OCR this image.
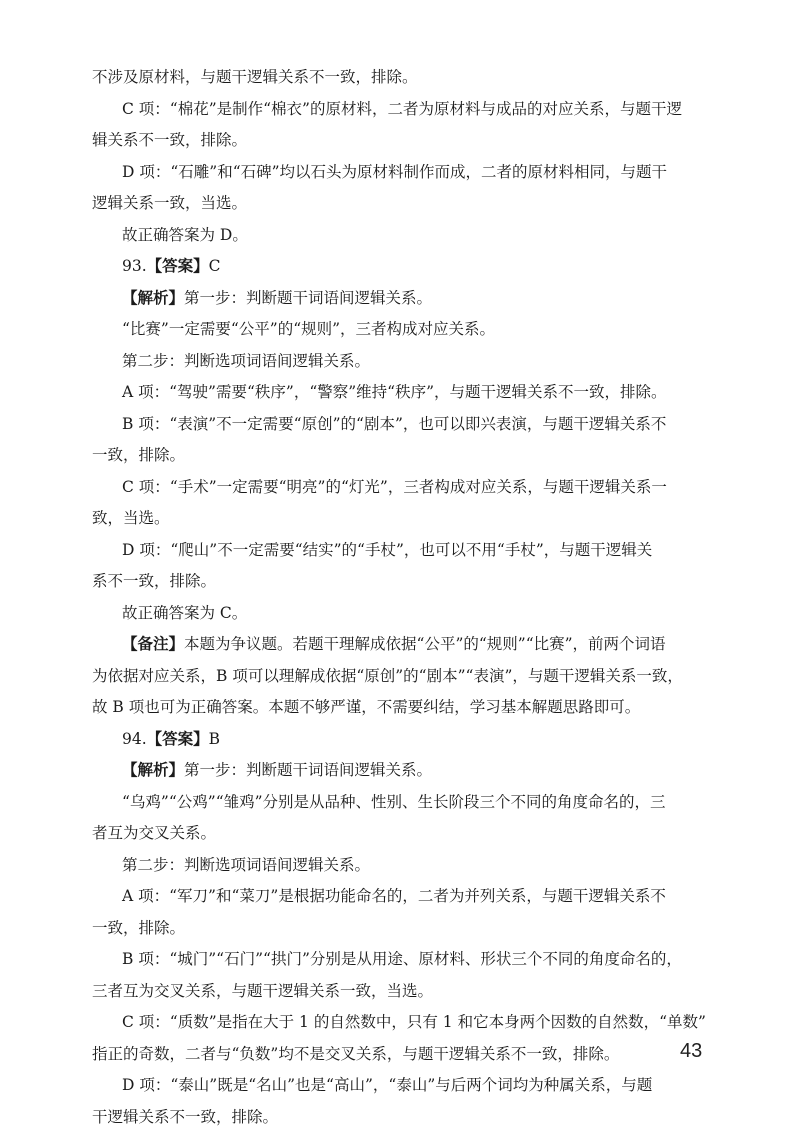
不涉及原材料，与题干逻辑关系不一致，排除。
C 项：“棉花”是制作“棉衣”的原材料，二者为原材料与成品的对应关系，与题干逻
辑关系不一致，排除。
D 项：“石雕”和“石碑”均以石头为原材料制作而成，二者的原材料相同，与题干
逻辑关系一致，当选。
故正确答案为 D。
93.【答案】C
【解析】第一步：判断题干词语间逻辑关系。
“比赛”一定需要“公平”的“规则”，三者构成对应关系。
第二步：判断选项词语间逻辑关系。
A 项：“驾驶”需要“秩序”，“警察”维持“秩序”，与题干逻辑关系不一致，排除。
B 项：“表演”不一定需要“原创”的“剧本”，也可以即兴表演，与题干逻辑关系不
一致，排除。
C 项：“手术”一定需要“明亮”的“灯光”，三者构成对应关系，与题干逻辑关系一
致，当选。
D 项：“爬山”不一定需要“结实”的“手杖”，也可以不用“手杖”，与题干逻辑关
系不一致，排除。
故正确答案为 C。
【备注】本题为争议题。若题干理解成依据“公平”的“规则”“比赛”，前两个词语
为依据对应关系，B 项可以理解成依据“原创”的“剧本”“表演”，与题干逻辑关系一致，
故 B 项也可为正确答案。本题不够严谨，不需要纠结，学习基本解题思路即可。
94.【答案】B
【解析】第一步：判断题干词语间逻辑关系。
“乌鸡”“公鸡”“雏鸡”分别是从品种、性别、生长阶段三个不同的角度命名的，三
者互为交叉关系。
第二步：判断选项词语间逻辑关系。
A 项：“军刀”和“菜刀”是根据功能命名的，二者为并列关系，与题干逻辑关系不
一致，排除。
B 项：“城门”“石门”“拱门”分别是从用途、原材料、形状三个不同的角度命名的，
三者互为交叉关系，与题干逻辑关系一致，当选。
C 项：“质数”是指在大于 1 的自然数中，只有 1 和它本身两个因数的自然数，“单数”
指正的奇数，二者与“负数”均不是交叉关系，与题干逻辑关系不一致，排除。
D 项：“泰山”既是“名山”也是“高山”，“泰山”与后两个词均为种属关系，与题
干逻辑关系不一致，排除。
43
